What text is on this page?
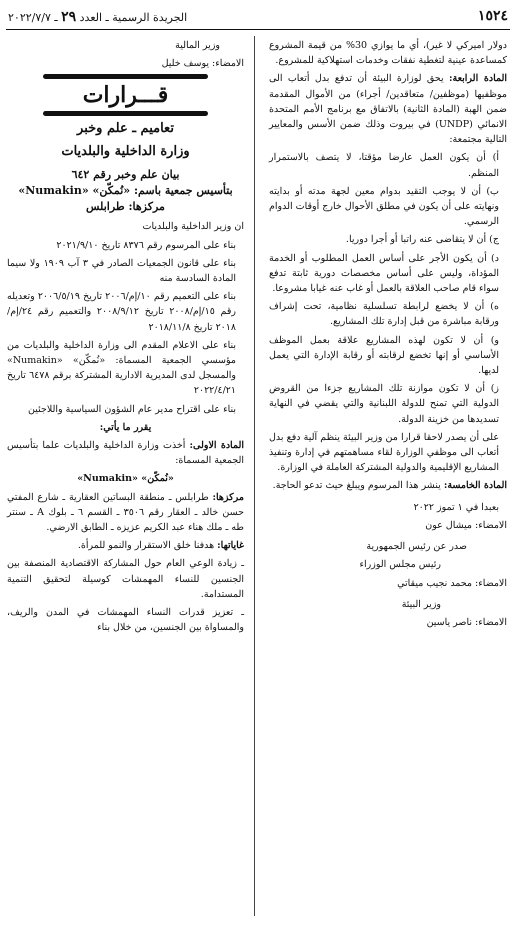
١٥٢٤
الجريدة الرسمية ـ العدد ٢٩ ـ ٢٠٢٢/٧/٧

دولار اميركي لا غير)، أي ما يوازي 30% من قيمة المشروع كمساعدة عينية لتغطية نفقات وخدمات استهلاكية للمشروع.

المادة الرابعة: يحق لوزارة البيئة أن تدفع بدل أتعاب الى موظفيها (موظفين/ متعاقدين/ أجراء) من الأموال المقدمة ضمن الهبة (المادة الثانية) بالاتفاق مع برنامج الأمم المتحدة الانمائي (UNDP) في بيروت وذلك ضمن الأسس والمعايير التالية مجتمعة:

أ) أن يكون العمل عارضا مؤقتا، لا يتصف بالاستمرار المنظم.

ب) أن لا يوجب التقيد بدوام معين لجهة مدته أو بدايته ونهايته على أن يكون في مطلق الأحوال خارج أوقات الدوام الرسمي.

ج) أن لا يتقاضى عنه راتبا أو أجرا دوريا.

د) أن يكون الأجر على أساس العمل المطلوب أو الخدمة المؤداة، وليس على أساس مخصصات دورية ثابتة تدفع سواء قام صاحب العلاقة بالعمل أو غاب عنه غيابا مشروعا.

ه) أن لا يخضع لرابطة تسلسلية نظامية، تحت إشراف ورقابة مباشرة من قبل إدارة تلك المشاريع.

و) أن لا تكون لهذه المشاريع علاقة بعمل الموظف الأساسي أو إنها تخضع لرقابته أو رقابة الإدارة التي يعمل لديها.

ز) أن لا تكون موازنة تلك المشاريع جزءا من القروض الدولية التي تمنح للدولة اللبنانية والتي يقضي في النهاية تسديدها من خزينة الدولة.

على أن يصدر لاحقا قرارا من وزير البيئة ينظم آلية دفع بدل أتعاب الى موظفي الوزارة لقاء مساهمتهم في إدارة وتنفيذ المشاريع الإقليمية والدولية المشتركة العاملة في الوزارة.

المادة الخامسة: ينشر هذا المرسوم ويبلغ حيث تدعو الحاجة.

بعبدا في ١ تموز ٢٠٢٢

الامضاء: ميشال عون

صدر عن رئيس الجمهورية

رئيس مجلس الوزراء

الامضاء: محمد نجيب ميقاتي

وزير البيئة

الامضاء: ناصر ياسين

وزير المالية

الامضاء: يوسف خليل

قـــرارات
تعاميم ـ علم وخبر
وزارة الداخلية والبلديات
بيان علم وخبر رقم ٦٤٢
بتأسيس جمعية باسم: «نُمكّن» «Numakin»
مركزها: طرابلس

ان وزير الداخلية والبلديات

بناء على المرسوم رقم ٨٣٧٦ تاريخ ٢٠٢١/٩/١٠

بناء على قانون الجمعيات الصادر في ٣ آب ١٩٠٩ ولا سيما المادة السادسة منه

بناء على التعميم رقم ١٠/إم/٢٠٠٦ تاريخ ٢٠٠٦/٥/١٩ وتعديله رقم ١٥/إم/٢٠٠٨ تاريخ ٢٠٠٨/٩/١٢ والتعميم رقم ٢٤/إم/٢٠١٨ تاريخ ٢٠١٨/١١/٨

بناء على الاعلام المقدم الى وزارة الداخلية والبلديات من مؤسسي الجمعية المسماة: «نُمكّن» «Numakin» والمسجل لدى المديرية الادارية المشتركة برقم ٦٤٧٨ تاريخ ٢٠٢٢/٤/٢١

بناء على اقتراح مدير عام الشؤون السياسية واللاجئين

يقرر ما يأتي:

المادة الاولى: أخذت وزارة الداخلية والبلديات علما بتأسيس الجمعية المسماة:

«نُمكّن» «Numakin»

مركزها: طرابلس ـ منطقة البساتين العقارية ـ شارع المفتي حسن خالد ـ العقار رقم ٣٥٠٦ ـ القسم ٦ ـ بلوك A ـ سنتر طه ـ ملك هناء عبد الكريم عزيزه ـ الطابق الارضي.

غاياتها: هدفنا خلق الاستقرار والنمو للمرأة.

ـ زيادة الوعي العام حول المشاركة الاقتصادية المنصفة بين الجنسين للنساء المهمشات كوسيلة لتحقيق التنمية المستدامة.

ـ تعزيز قدرات النساء المهمشات في المدن والريف، والمساواة بين الجنسين، من خلال بناء
